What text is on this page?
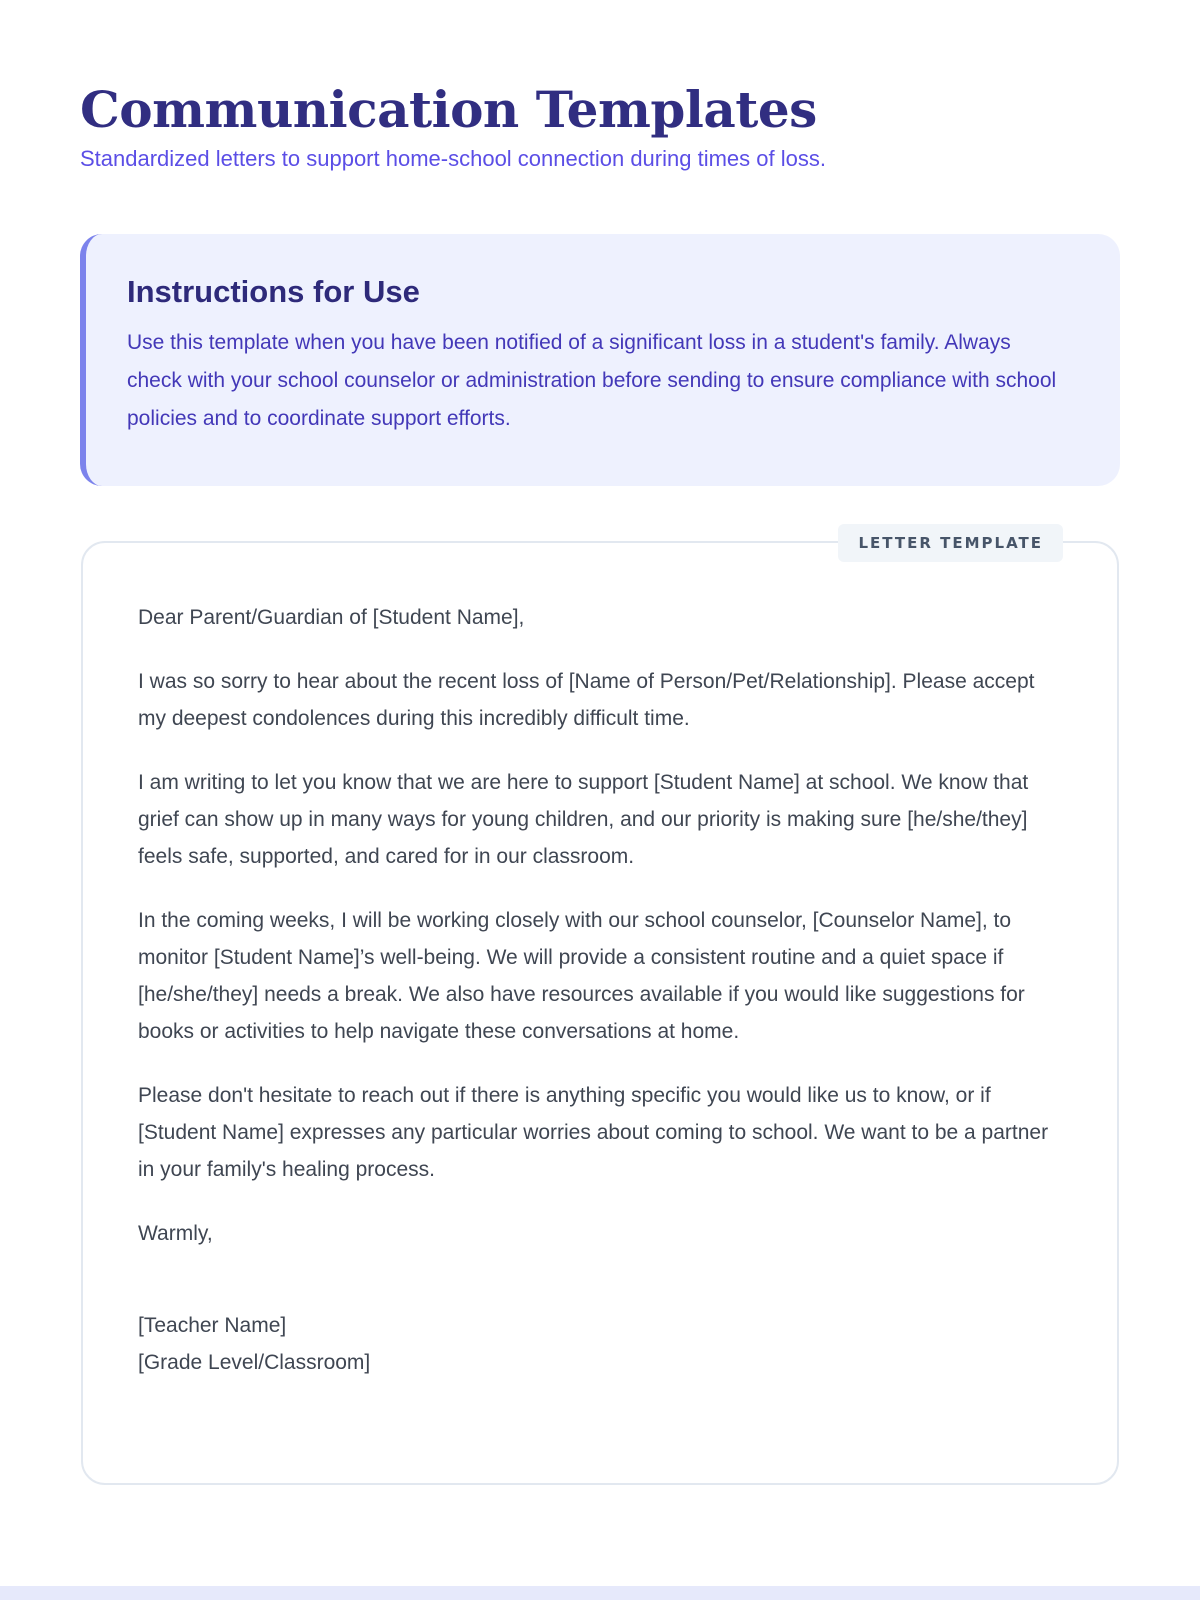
Communication Templates

Standardized letters to support home-school connection during times of loss.

Instructions for Use

Use this template when you have been notified of a significant loss in a student's family. Always check with your school counselor or administration before sending to ensure compliance with school policies and to coordinate support efforts.

LETTER TEMPLATE

Dear Parent/Guardian of [Student Name],

I was so sorry to hear about the recent loss of [Name of Person/Pet/Relationship]. Please accept my deepest condolences during this incredibly difficult time.

I am writing to let you know that we are here to support [Student Name] at school. We know that grief can show up in many ways for young children, and our priority is making sure [he/she/they] feels safe, supported, and cared for in our classroom.

In the coming weeks, I will be working closely with our school counselor, [Counselor Name], to monitor [Student Name]’s well-being. We will provide a consistent routine and a quiet space if [he/she/they] needs a break. We also have resources available if you would like suggestions for books or activities to help navigate these conversations at home.

Please don't hesitate to reach out if there is anything specific you would like us to know, or if [Student Name] expresses any particular worries about coming to school. We want to be a partner in your family's healing process.

Warmly,

[Teacher Name]
[Grade Level/Classroom]
